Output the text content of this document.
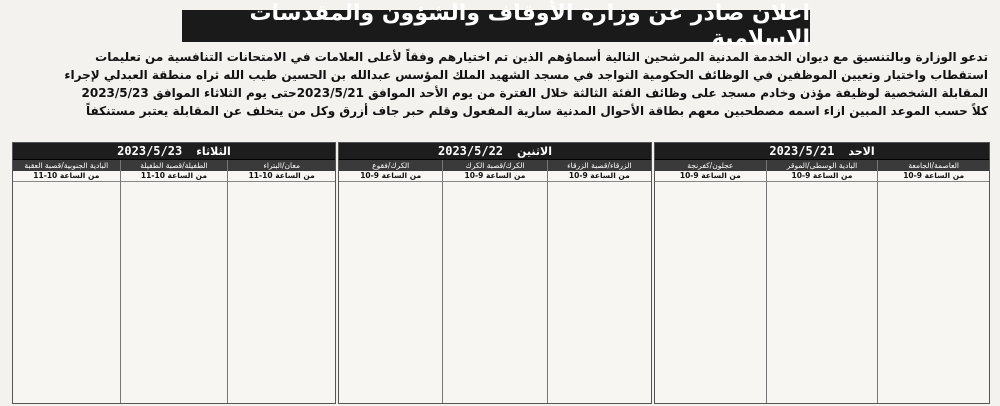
اعلان صادر عن وزارة الأوقاف والشؤون والمقدسات الاسلامية

تدعو الوزارة وبالتنسيق مع ديوان الخدمة المدنية المرشحين التالية أسماؤهم الذين تم اختيارهم وفقاً لأعلى العلامات في الامتحانات التنافسية من تعليمات

استقطاب واختيار وتعيين الموظفين في الوظائف الحكومية التواجد في مسجد الشهيد الملك المؤسس عبدالله بن الحسين طيب الله ثراه منطقة العبدلي لإجراء

المقابلة الشخصية لوظيفة مؤذن وخادم مسجد على وظائف الفئة الثالثة خلال الفترة من يوم الأحد الموافق 2023/5/21حتى يوم الثلاثاء الموافق 2023/5/23

كلاً حسب الموعد المبين ازاء اسمه مصطحبين معهم بطاقة الأحوال المدنية سارية المفعول وقلم حبر جاف أزرق وكل من يتخلف عن المقابلة يعتبر مستنكفاً

الاحد
2023/5/21
العاصمة/الجامعة
من الساعة 9-10
البادية الوسطى/الموقر
من الساعة 9-10
عجلون/كفرنجة
من الساعة 9-10
الاثنين
2023/5/22
الزرقاء/قصبة الزرقاء
من الساعة 9-10
الكرك/قصبة الكرك
من الساعة 9-10
الكرك/فقوع
من الساعة 9-10
الثلاثاء
2023/5/23
معان/البتراء
من الساعة 10-11
الطفيلة/قصبة الطفيلة
من الساعة 10-11
البادية الجنوبية/قصبة العقبة
من الساعة 10-11
